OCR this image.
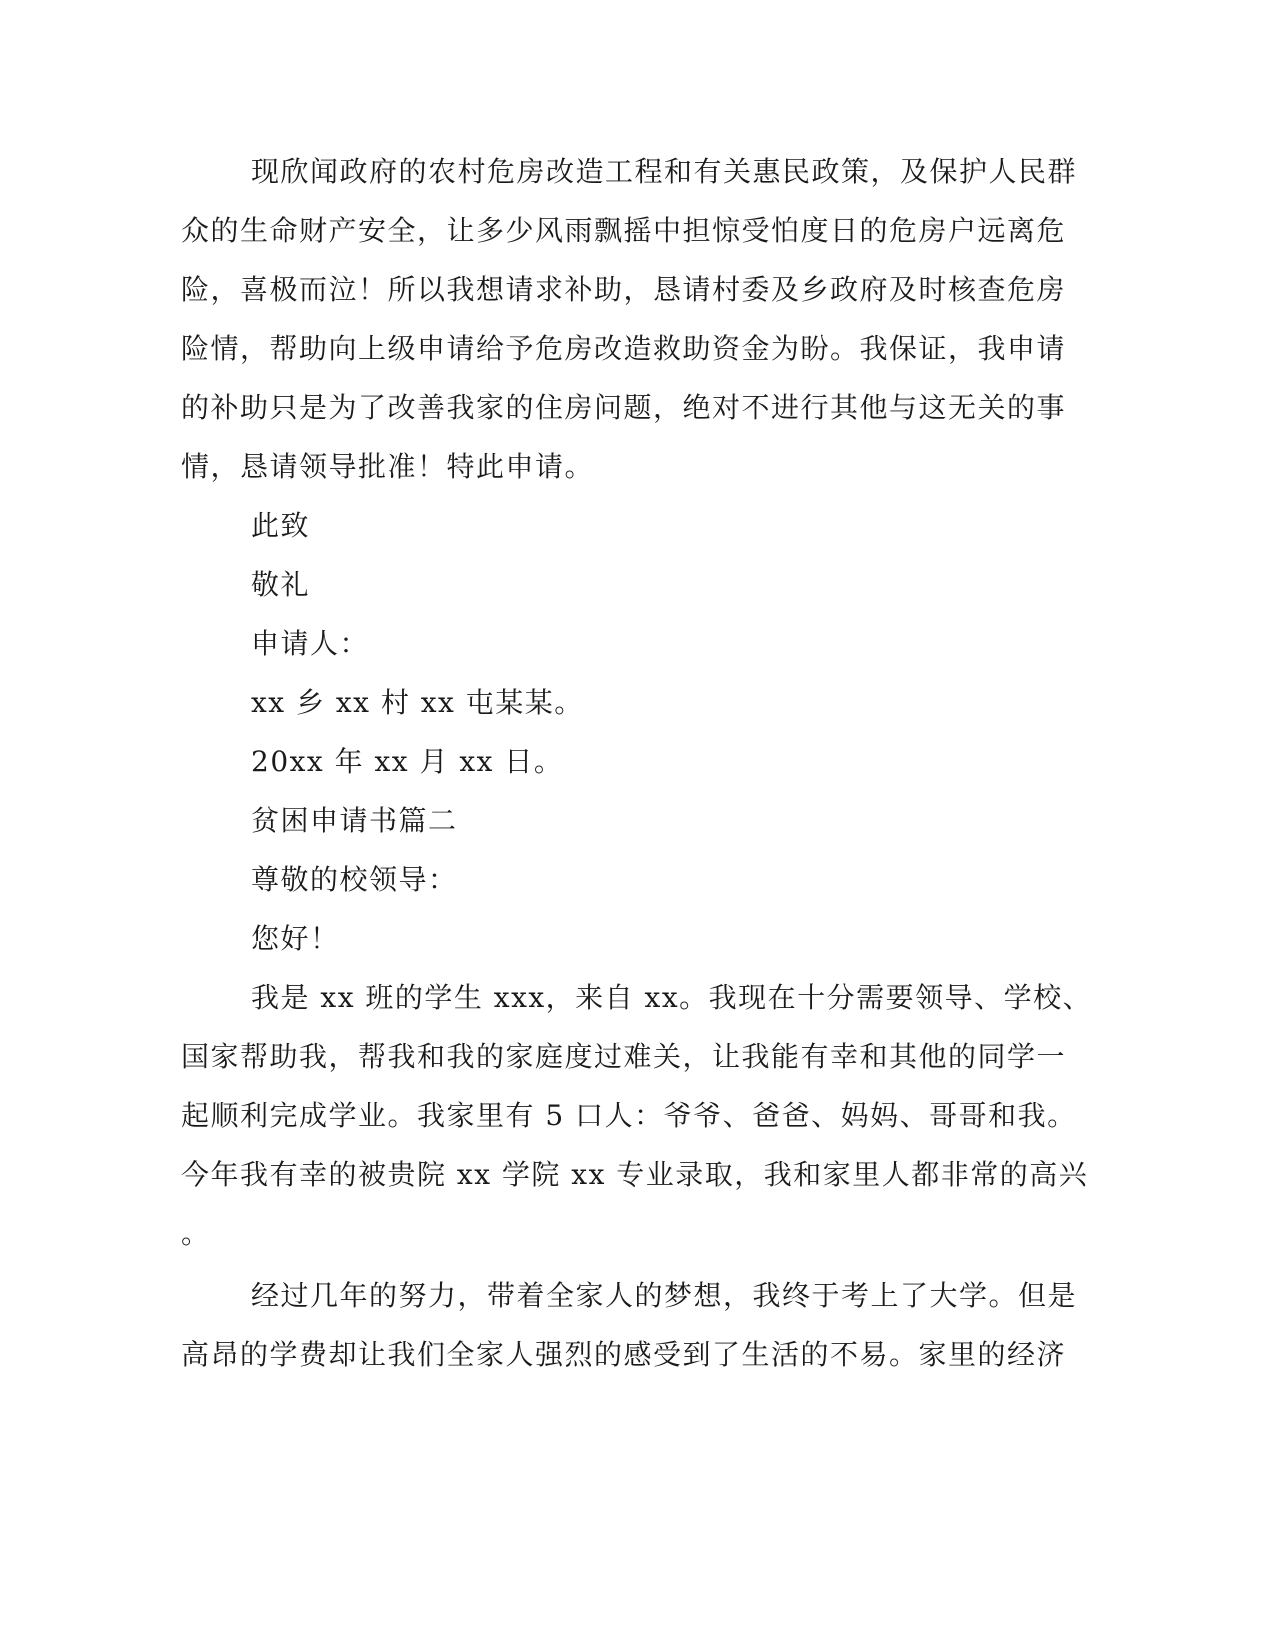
现欣闻政府的农村危房改造工程和有关惠民政策，及保护人民群
众的生命财产安全，让多少风雨飘摇中担惊受怕度日的危房户远离危
险，喜极而泣！所以我想请求补助，恳请村委及乡政府及时核查危房
险情，帮助向上级申请给予危房改造救助资金为盼。我保证，我申请
的补助只是为了改善我家的住房问题，绝对不进行其他与这无关的事
情，恳请领导批准！特此申请。
此致
敬礼
申请人：
xx 乡 xx 村 xx 屯某某。
20xx 年 xx 月 xx 日。
贫困申请书篇二
尊敬的校领导：
您好！
我是 xx 班的学生 xxx，来自 xx。我现在十分需要领导、学校、
国家帮助我，帮我和我的家庭度过难关，让我能有幸和其他的同学一
起顺利完成学业。我家里有 5 口人：爷爷、爸爸、妈妈、哥哥和我。
今年我有幸的被贵院 xx 学院 xx 专业录取，我和家里人都非常的高兴
。
经过几年的努力，带着全家人的梦想，我终于考上了大学。但是
高昂的学费却让我们全家人强烈的感受到了生活的不易。家里的经济
